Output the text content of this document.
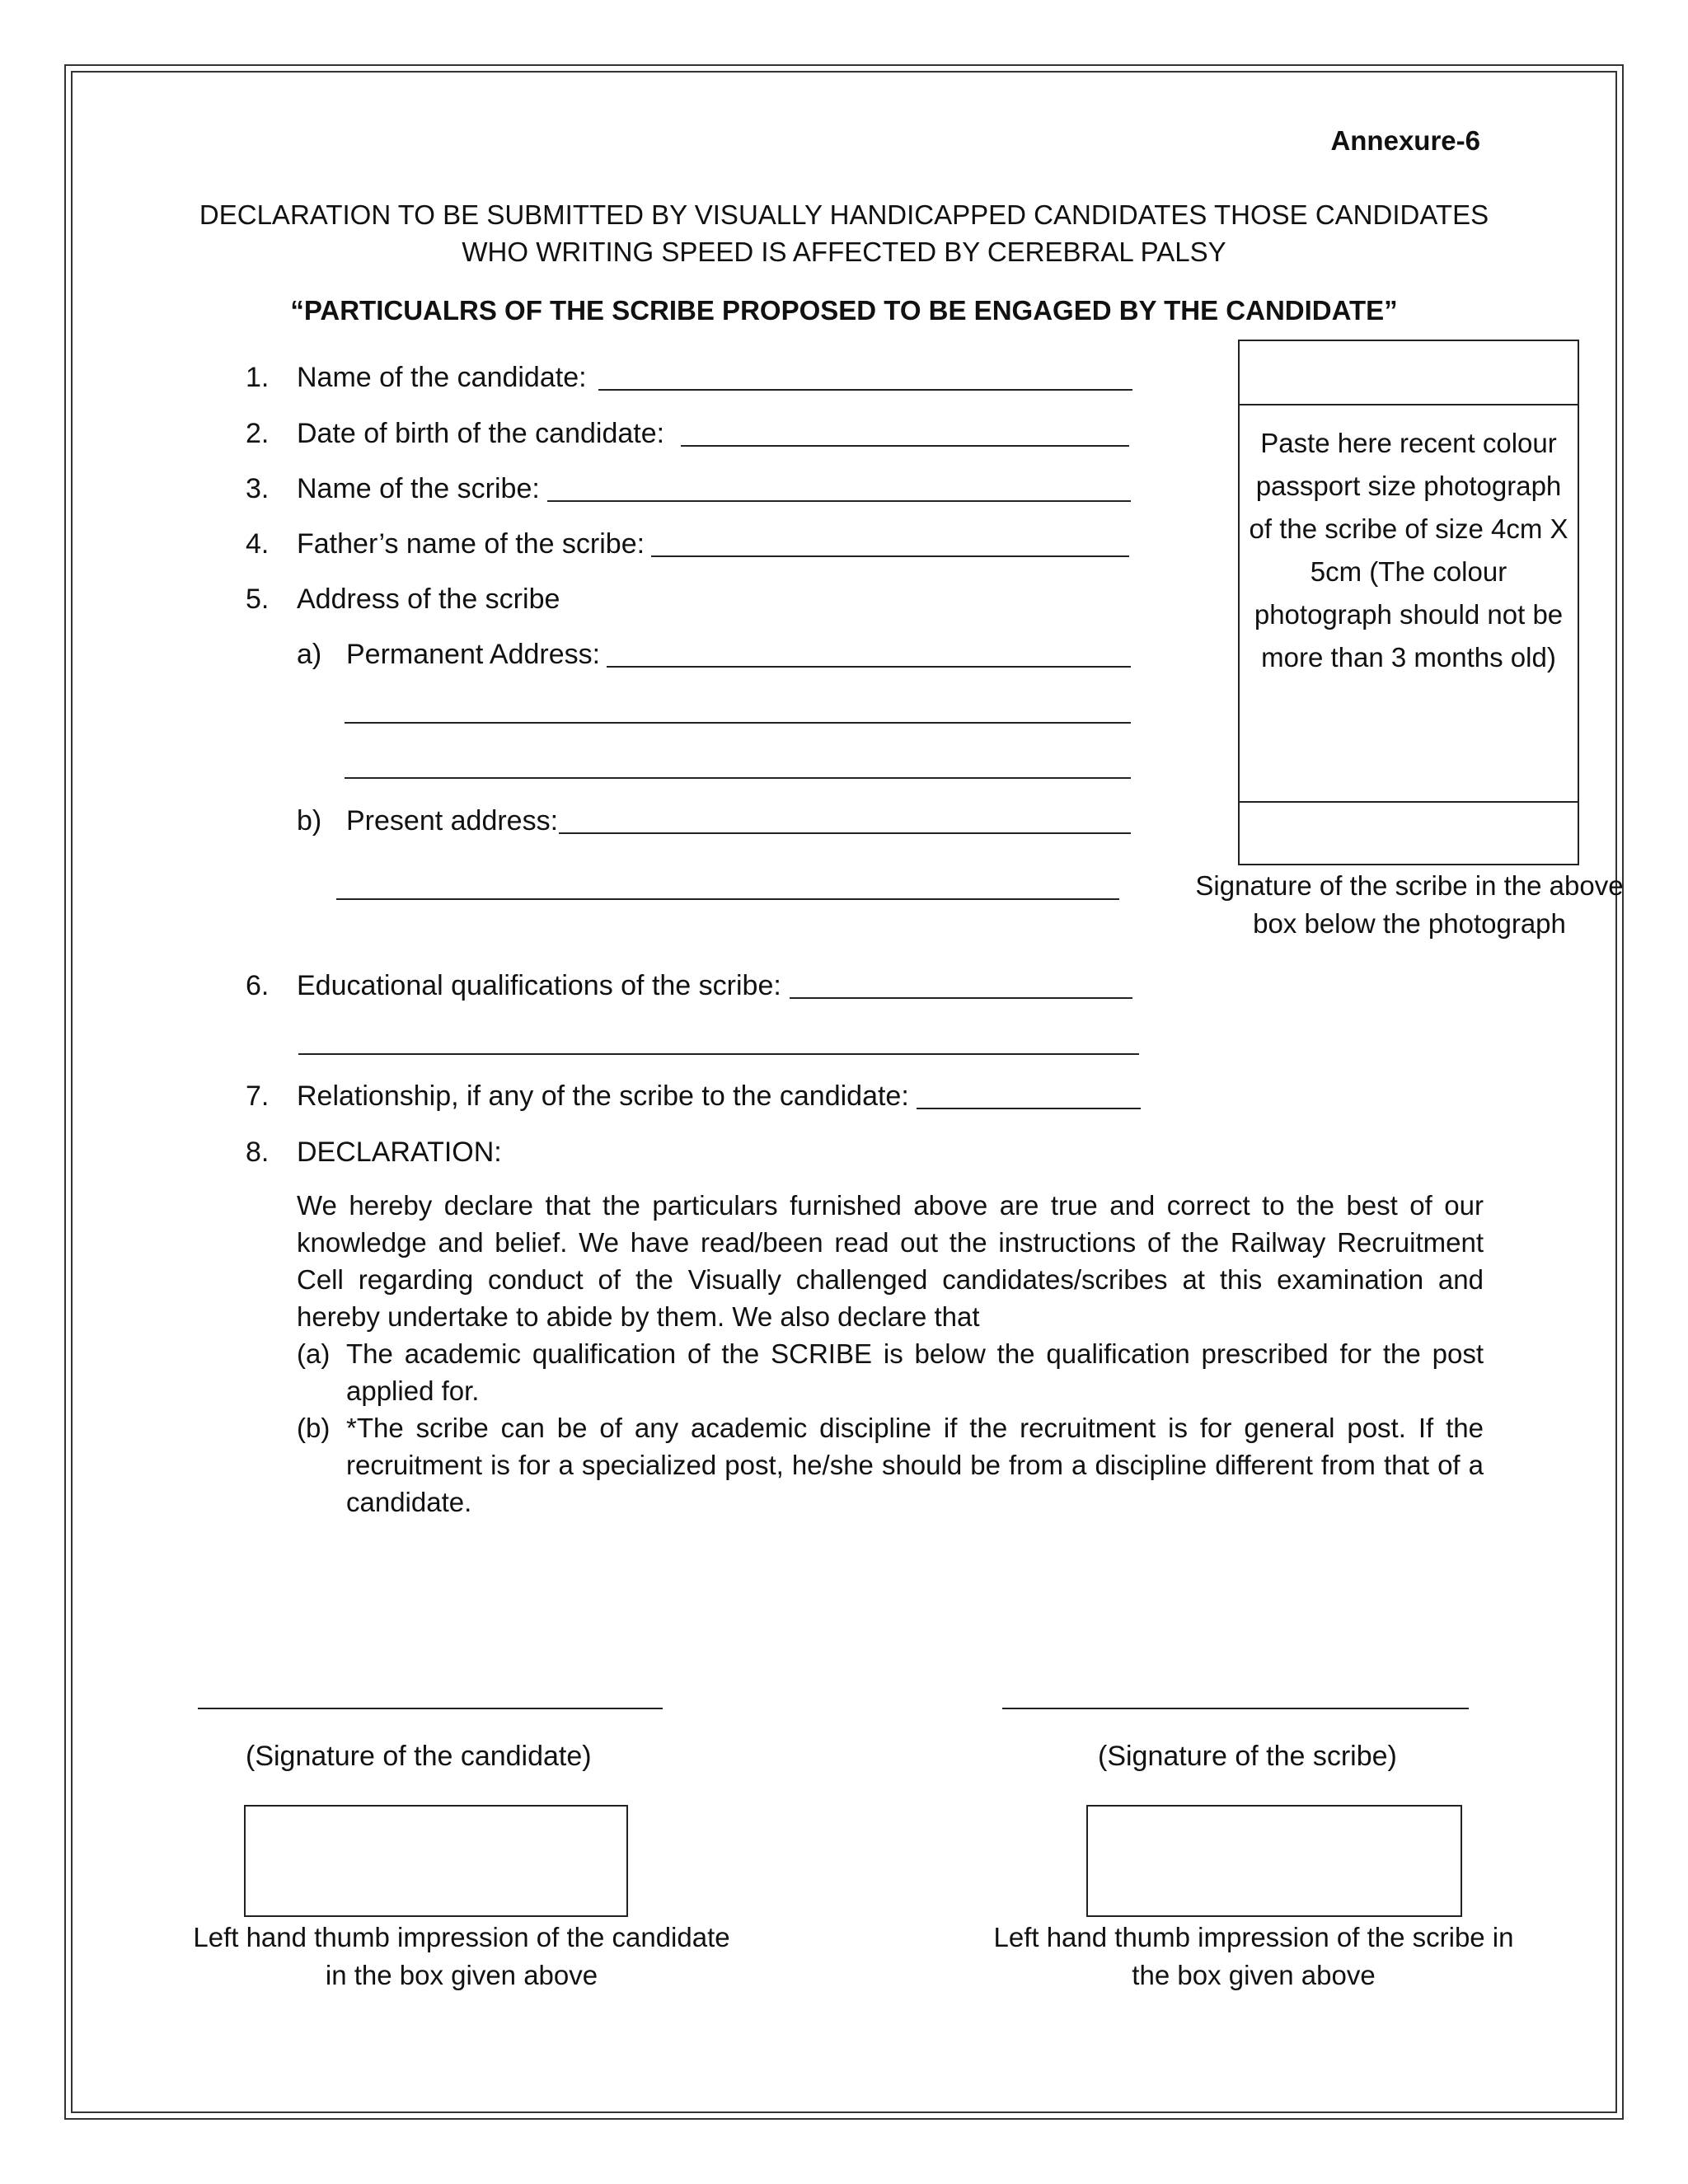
Annexure-6
DECLARATION TO BE SUBMITTED BY VISUALLY HANDICAPPED CANDIDATES THOSE CANDIDATES WHO WRITING SPEED IS AFFECTED BY CEREBRAL PALSY
“PARTICUALRS OF THE SCRIBE PROPOSED TO BE ENGAGED BY THE CANDIDATE”
1. Name of the candidate:
2. Date of birth of the candidate:
3. Name of the scribe:
4. Father’s name of the scribe:
5. Address of the scribe
a) Permanent Address:
b) Present address:
6. Educational qualifications of the scribe:
7. Relationship, if any of the scribe to the candidate:
8. DECLARATION:
Paste here recent colour passport size photograph of the scribe of size 4cm X 5cm (The colour photograph should not be more than 3 months old)
Signature of the scribe in the above box below the photograph
We hereby declare that the particulars furnished above are true and correct to the best of our knowledge and belief. We have read/been read out the instructions of the Railway Recruitment Cell regarding conduct of the Visually challenged candidates/scribes at this examination and hereby undertake to abide by them. We also declare that
(a) The academic qualification of the SCRIBE is below the qualification prescribed for the post applied for.
(b) *The scribe can be of any academic discipline if the recruitment is for general post. If the recruitment is for a specialized post, he/she should be from a discipline different from that of a candidate.
(Signature of the candidate)	(Signature of the scribe)
Left hand thumb impression of the candidate in the box given above
Left hand thumb impression of the scribe in the box given above
